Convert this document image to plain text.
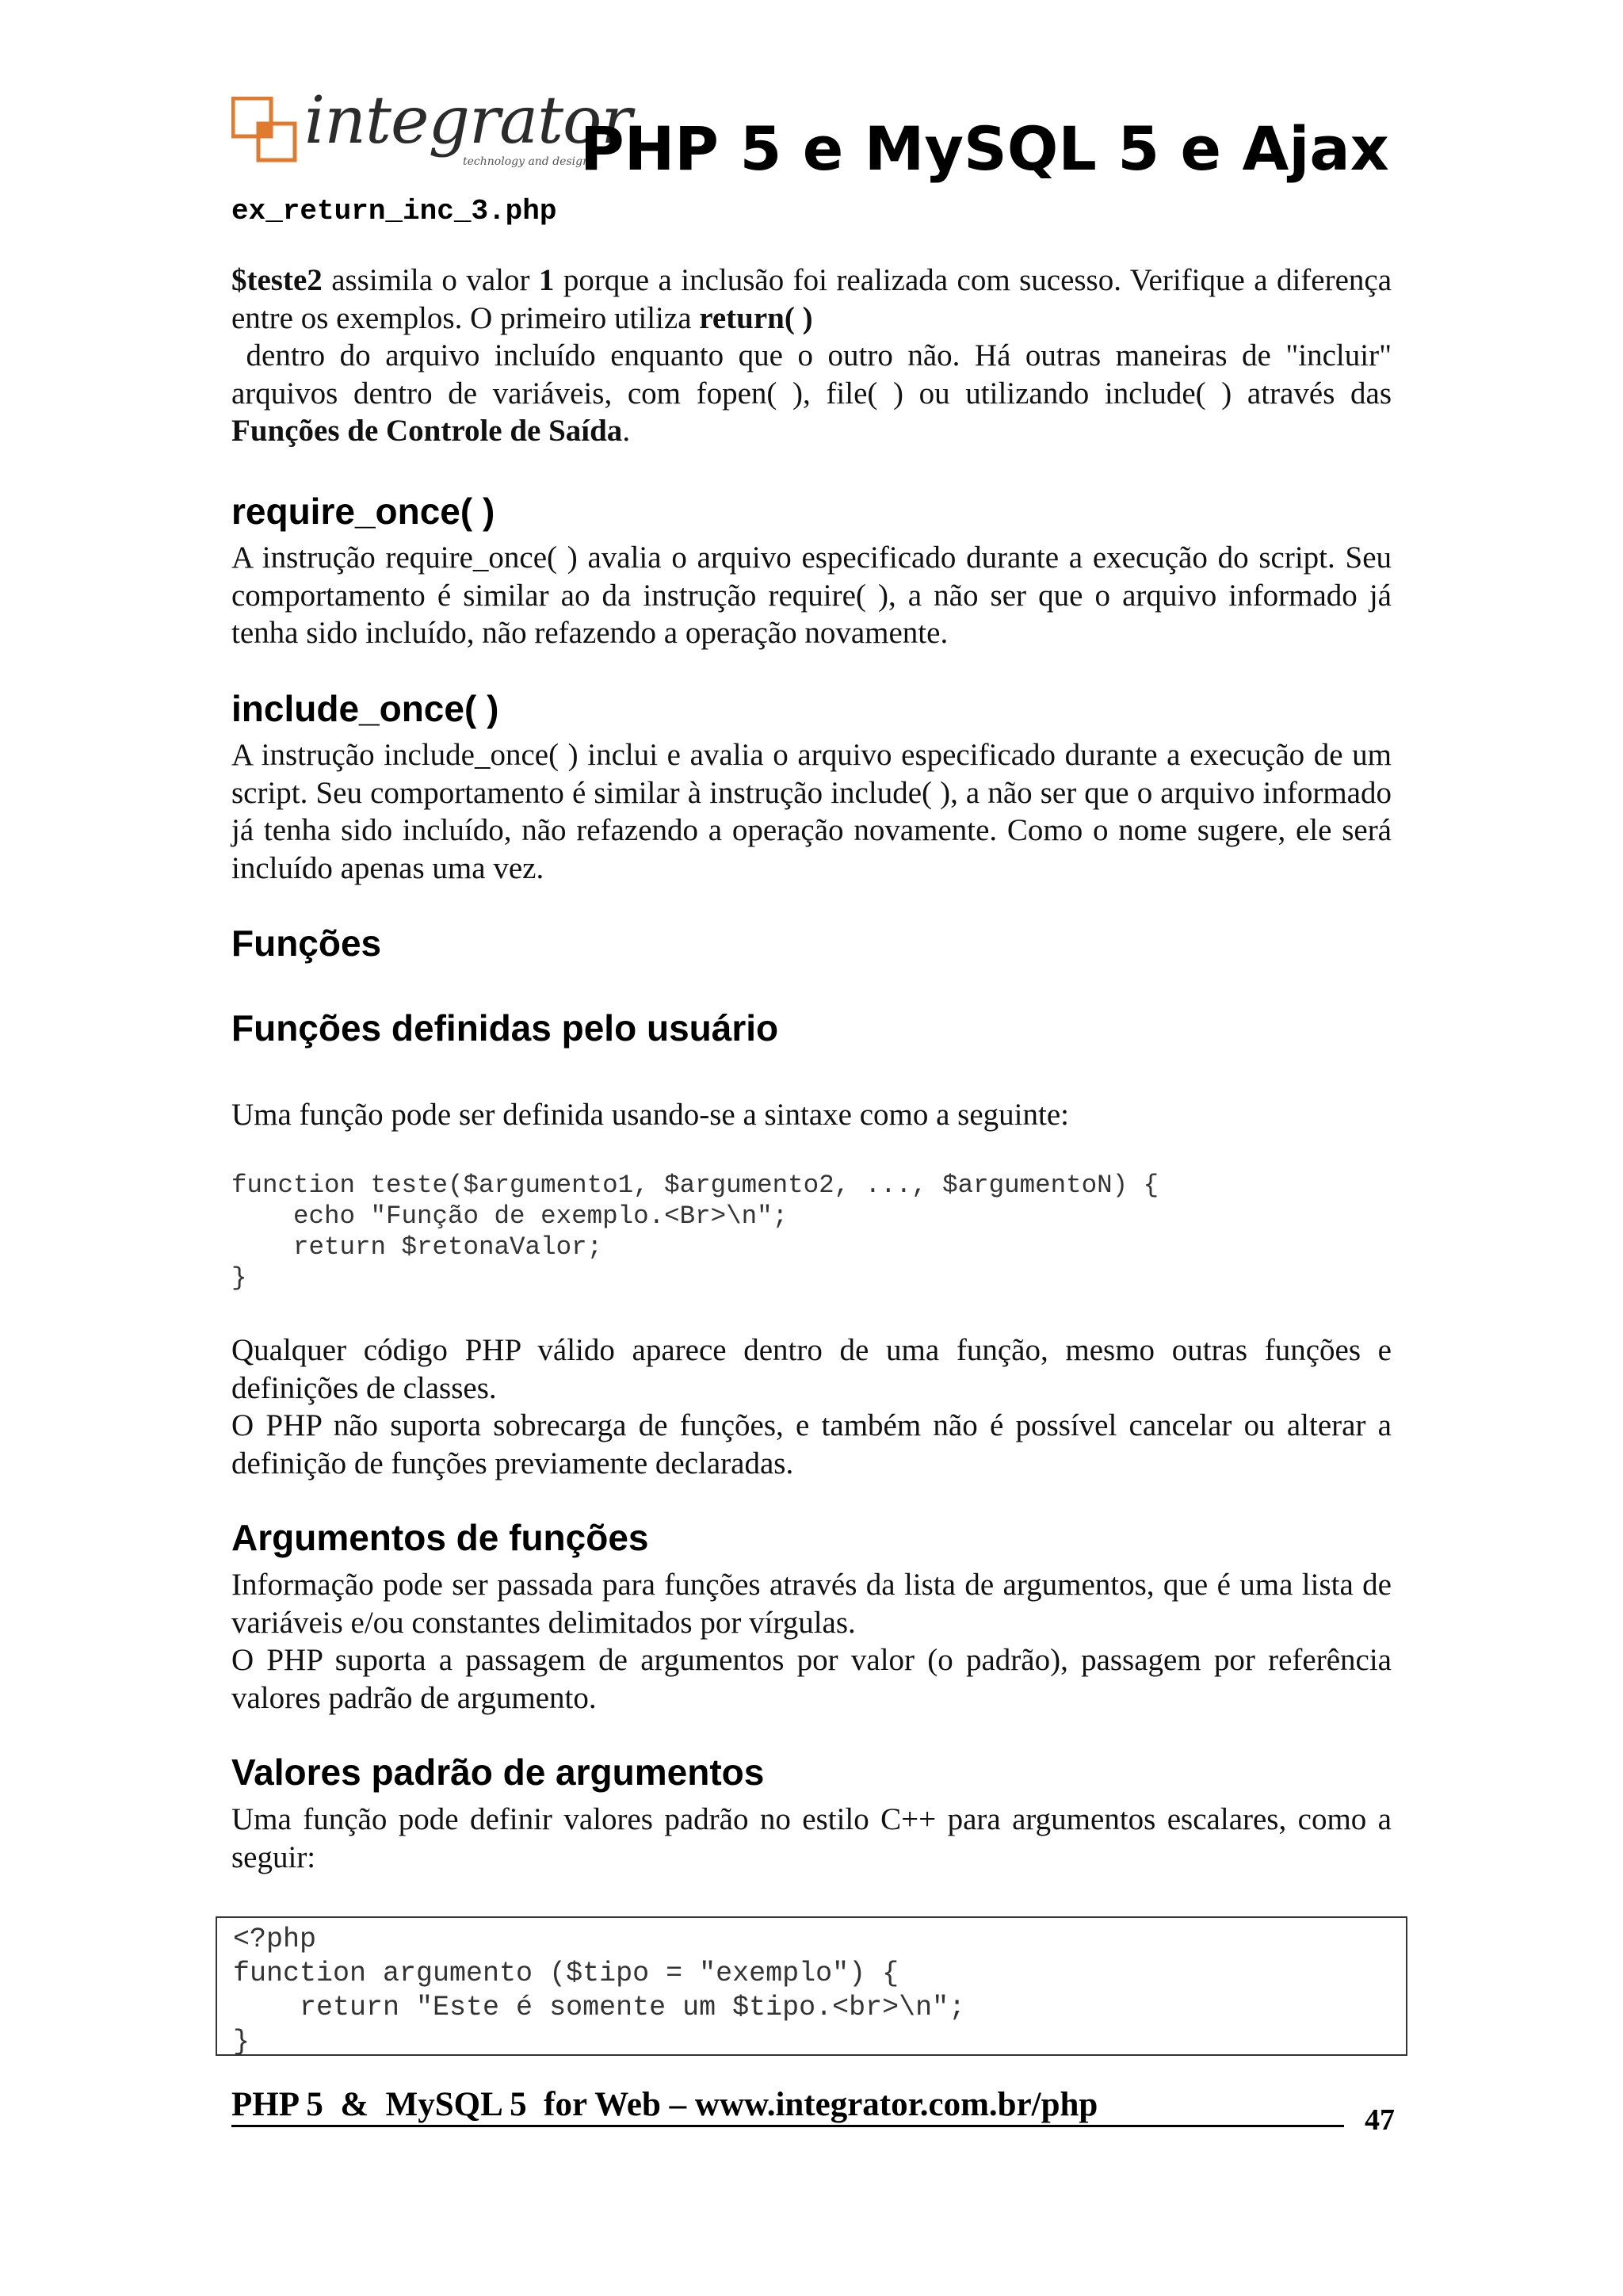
integrator
technology and design
PHP 5 e MySQL 5 e Ajax
ex_return_inc_3.php
$teste2 assimila o valor 1 porque a inclusão foi realizada com sucesso. Verifique a diferença entre os exemplos. O primeiro utiliza return( )
dentro do arquivo incluído enquanto que o outro não. Há outras maneiras de "incluir" arquivos dentro de variáveis, com fopen( ), file( ) ou utilizando include( ) através das Funções de Controle de Saída.
require_once( )
A instrução require_once( ) avalia o arquivo especificado durante a execução do script. Seu comportamento é similar ao da instrução require( ), a não ser que o arquivo informado já tenha sido incluído, não refazendo a operação novamente.
include_once( )
A instrução include_once( ) inclui e avalia o arquivo especificado durante a execução de um script. Seu comportamento é similar à instrução include( ), a não ser que o arquivo informado já tenha sido incluído, não refazendo a operação novamente. Como o nome sugere, ele será incluído apenas uma vez.
Funções
Funções definidas pelo usuário
Uma função pode ser definida usando-se a sintaxe como a seguinte:
function teste($argumento1, $argumento2, ..., $argumentoN) {
echo "Função de exemplo.<Br>\n";
return $retonaValor;
}
Qualquer código PHP válido aparece dentro de uma função, mesmo outras funções e definições de classes.
O PHP não suporta sobrecarga de funções, e também não é possível cancelar ou alterar a definição de funções previamente declaradas.
Argumentos de funções
Informação pode ser passada para funções através da lista de argumentos, que é uma lista de variáveis e/ou constantes delimitados por vírgulas.
O PHP suporta a passagem de argumentos por valor (o padrão), passagem por referência valores padrão de argumento.
Valores padrão de argumentos
Uma função pode definir valores padrão no estilo C++ para argumentos escalares, como a seguir:
<?php
function argumento ($tipo = "exemplo") {
return "Este é somente um $tipo.<br>\n";
}
PHP 5  &  MySQL 5  for Web – www.integrator.com.br/php	47
